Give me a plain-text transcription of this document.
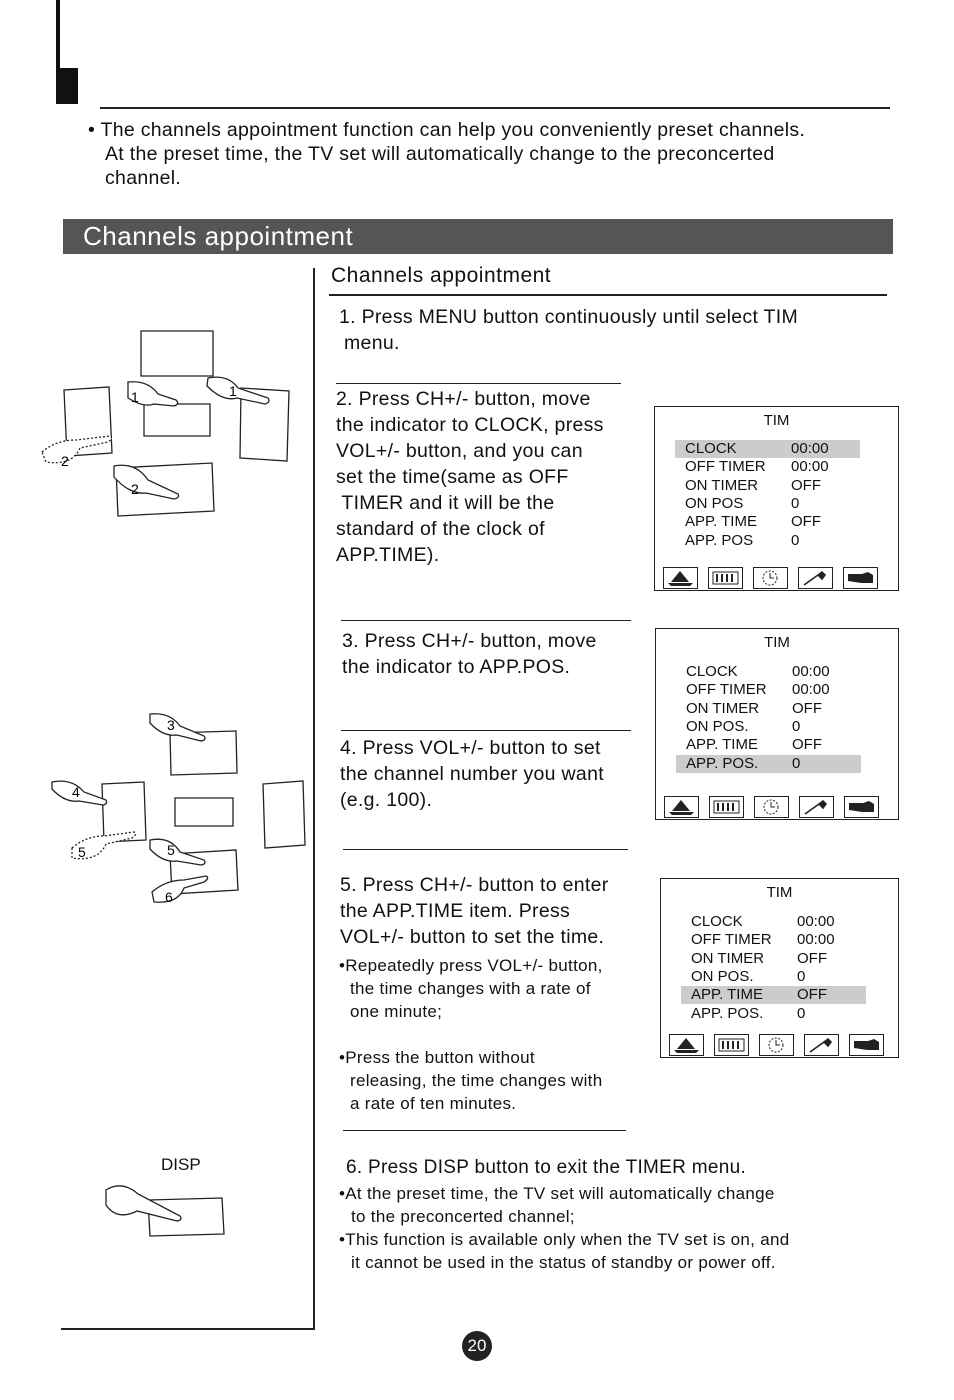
• The channels appointment function can help you conveniently preset channels.
At the preset time, the TV set will automatically change to the preconcerted
channel.
Channels appointment
Channels appointment
1. Press MENU button continuously until select TIM
menu.
2. Press CH+/- button, move
the indicator to CLOCK, press
VOL+/- button, and you can
set the time(same as OFF
TIMER and it will be the
standard of the clock of
APP.TIME).
3. Press CH+/- button, move
the indicator to APP.POS.
4. Press VOL+/- button to set
the channel number you want
(e.g. 100).
5. Press CH+/- button to enter
the APP.TIME item. Press
VOL+/- button to set the time.
•Repeatedly press VOL+/- button,
the time changes with a rate of
one minute;
•Press the button without
releasing, the time changes with
a rate of ten minutes.
6. Press DISP button to exit the TIMER menu.
•At the preset time, the TV set will automatically change
to the preconcerted channel;
•This function is available only when the TV set is on, and
it cannot be used in the status of standby or power off.
TIM
CLOCK	00:00
OFF TIMER 00:00
ON TIMER OFF
ON POS	0
APP. TIME OFF
APP. POS	0
TIM
CLOCK	00:00
OFF TIMER 00:00
ON TIMER OFF
ON POS.	0
APP. TIME OFF
APP. POS. 0
TIM
CLOCK	00:00
OFF TIMER 00:00
ON TIMER OFF
ON POS.	0
APP. TIME OFF
APP. POS. 0
1	1
2
2
3
4
5	5
6
DISP
20
